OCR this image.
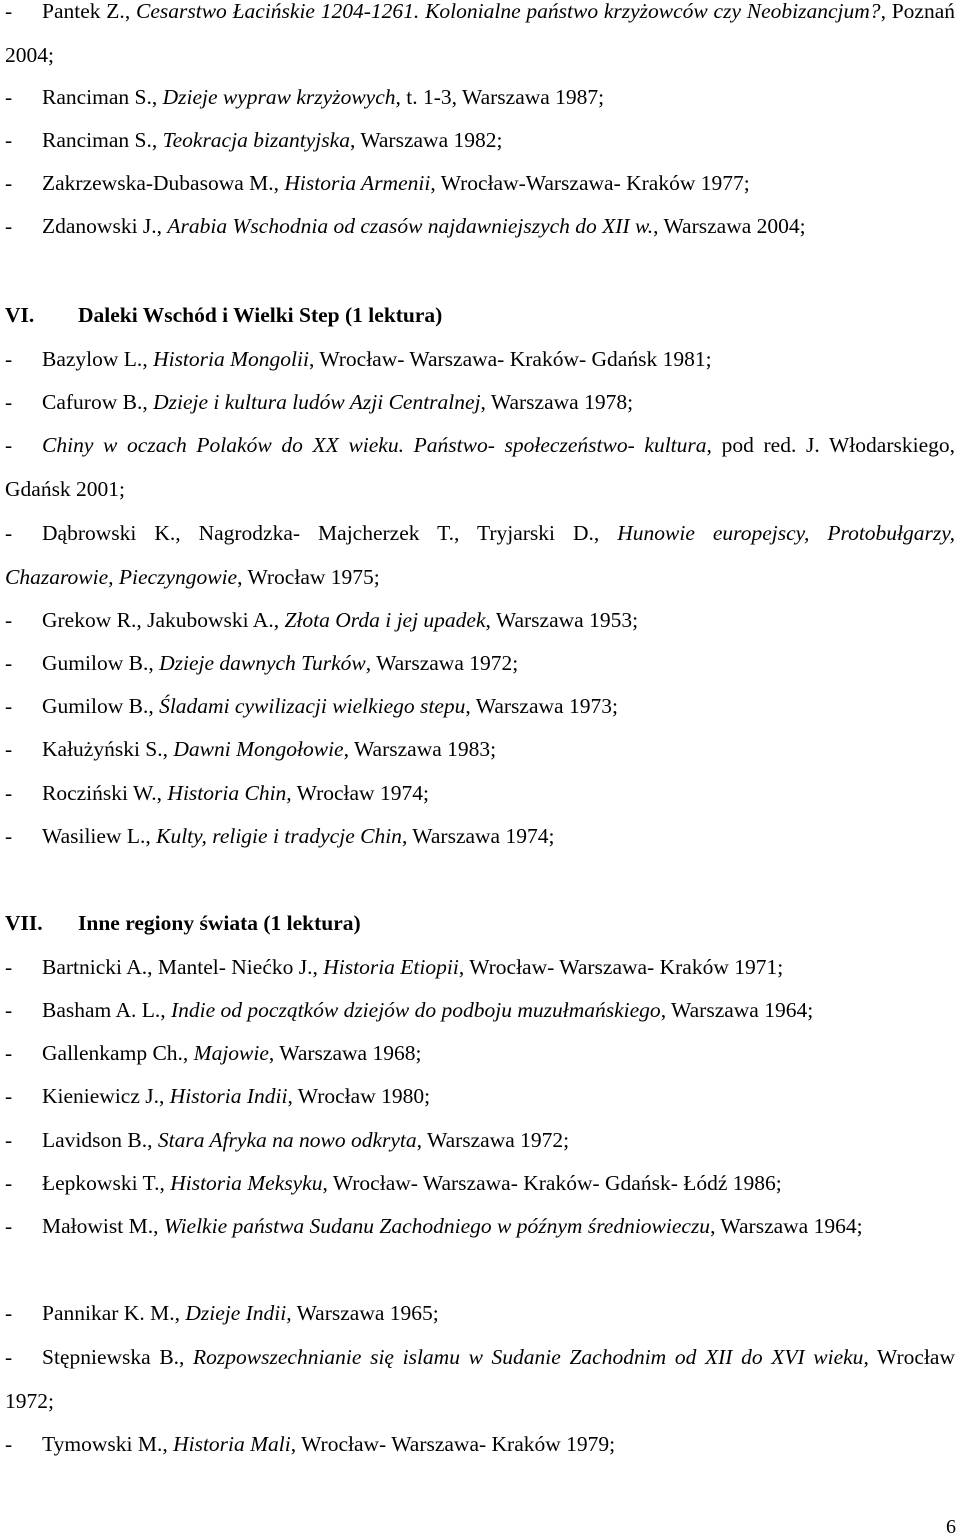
- Pantek Z., Cesarstwo Łacińskie 1204-1261. Kolonialne państwo krzyżowców czy Neobizancjum?, Poznań 2004;
- Ranciman S., Dzieje wypraw krzyżowych, t. 1-3, Warszawa 1987;
- Ranciman S., Teokracja bizantyjska, Warszawa 1982;
- Zakrzewska-Dubasowa M., Historia Armenii, Wrocław-Warszawa- Kraków 1977;
- Zdanowski J., Arabia Wschodnia od czasów najdawniejszych do XII w., Warszawa 2004;
VI. Daleki Wschód i Wielki Step (1 lektura)
- Bazylow L., Historia Mongolii, Wrocław- Warszawa- Kraków- Gdańsk 1981;
- Cafurow B., Dzieje i kultura ludów Azji Centralnej, Warszawa 1978;
- Chiny w oczach Polaków do XX wieku. Państwo- społeczeństwo- kultura, pod red. J. Włodarskiego, Gdańsk 2001;
- Dąbrowski K., Nagrodzka- Majcherzek T., Tryjarski D., Hunowie europejscy, Protobułgarzy, Chazarowie, Pieczyngowie, Wrocław 1975;
- Grekow R., Jakubowski A., Złota Orda i jej upadek, Warszawa 1953;
- Gumilow B., Dzieje dawnych Turków, Warszawa 1972;
- Gumilow B., Śladami cywilizacji wielkiego stepu, Warszawa 1973;
- Kałużyński S., Dawni Mongołowie, Warszawa 1983;
- Rocziński W., Historia Chin, Wrocław 1974;
- Wasiliew L., Kulty, religie i tradycje Chin, Warszawa 1974;
VII. Inne regiony świata (1 lektura)
- Bartnicki A., Mantel- Niećko J., Historia Etiopii, Wrocław- Warszawa- Kraków 1971;
- Basham A. L., Indie od początków dziejów do podboju muzułmańskiego, Warszawa 1964;
- Gallenkamp Ch., Majowie, Warszawa 1968;
- Kieniewicz J., Historia Indii, Wrocław 1980;
- Lavidson B., Stara Afryka na nowo odkryta, Warszawa 1972;
- Łepkowski T., Historia Meksyku, Wrocław- Warszawa- Kraków- Gdańsk- Łódź 1986;
- Małowist M., Wielkie państwa Sudanu Zachodniego w późnym średniowieczu, Warszawa 1964;
- Pannikar K. M., Dzieje Indii, Warszawa 1965;
- Stępniewska B., Rozpowszechnianie się islamu w Sudanie Zachodnim od XII do XVI wieku, Wrocław 1972;
- Tymowski M., Historia Mali, Wrocław- Warszawa- Kraków 1979;
6
